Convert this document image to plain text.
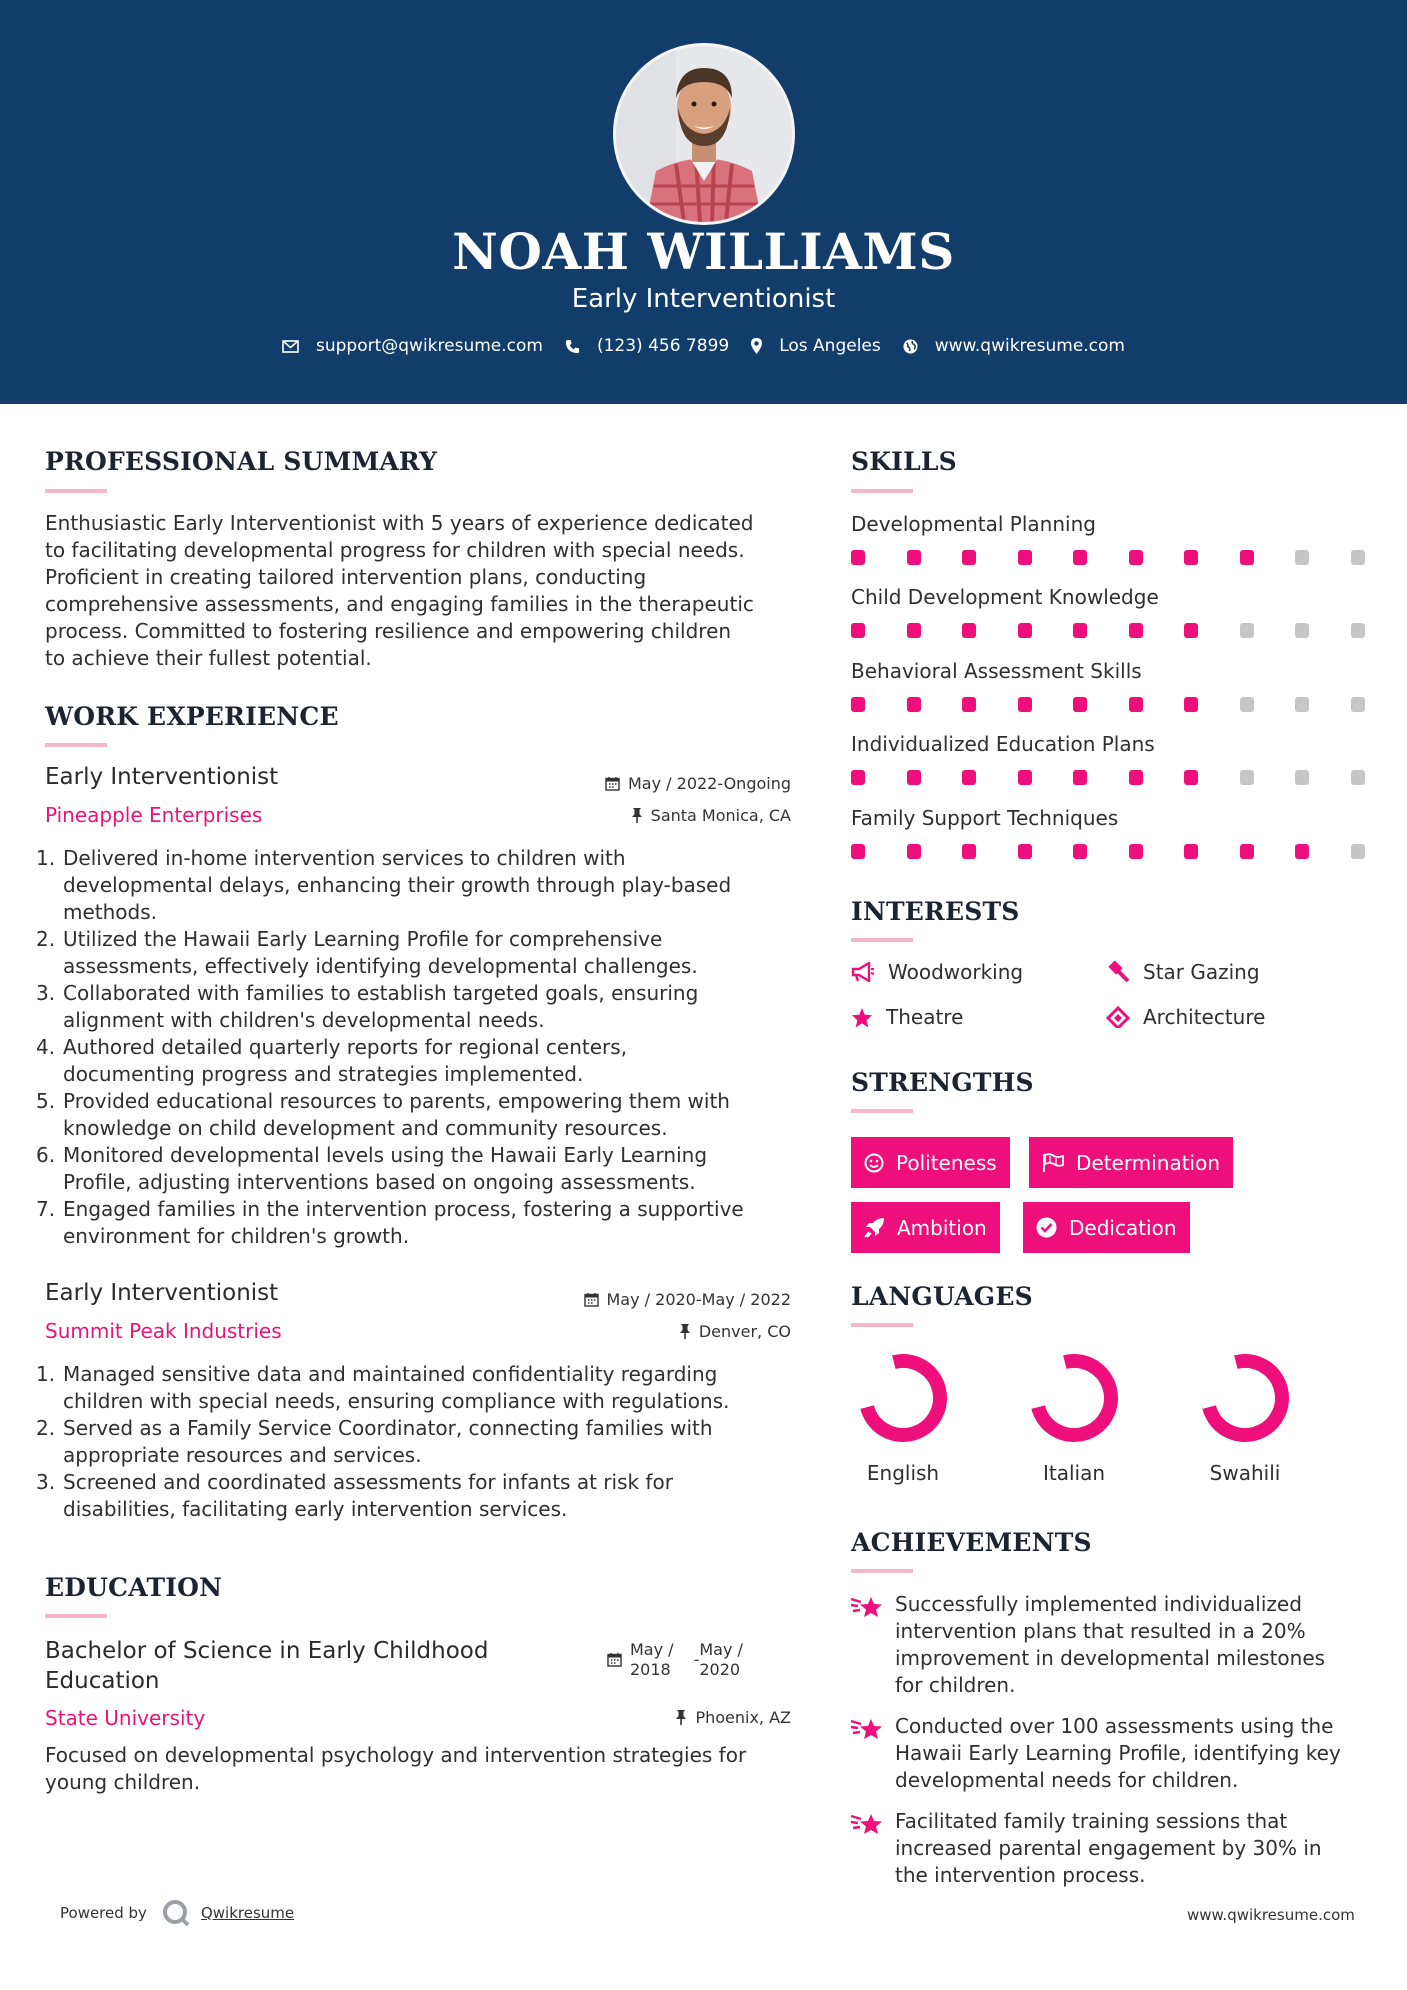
NOAH WILLIAMS
Early Interventionist
support@qwikresume.com	(123) 456 7899	Los Angeles	www.qwikresume.com
PROFESSIONAL SUMMARY
Enthusiastic Early Interventionist with 5 years of experience dedicated
to facilitating developmental progress for children with special needs.
Proficient in creating tailored intervention plans, conducting
comprehensive assessments, and engaging families in the therapeutic
process. Committed to fostering resilience and empowering children
to achieve their fullest potential.
WORK EXPERIENCE
Early Interventionist
Pineapple Enterprises
May / 2022-Ongoing
Santa Monica, CA
1. Delivered in-home intervention services to children with
developmental delays, enhancing their growth through play-based
methods.
2. Utilized the Hawaii Early Learning Profile for comprehensive
assessments, effectively identifying developmental challenges.
3. Collaborated with families to establish targeted goals, ensuring
alignment with children's developmental needs.
4. Authored detailed quarterly reports for regional centers,
documenting progress and strategies implemented.
5. Provided educational resources to parents, empowering them with
knowledge on child development and community resources.
6. Monitored developmental levels using the Hawaii Early Learning
Profile, adjusting interventions based on ongoing assessments.
7. Engaged families in the intervention process, fostering a supportive
environment for children's growth.
Early Interventionist
Summit Peak Industries
May / 2020-May / 2022
Denver, CO
1. Managed sensitive data and maintained confidentiality regarding
children with special needs, ensuring compliance with regulations.
2. Served as a Family Service Coordinator, connecting families with
appropriate resources and services.
3. Screened and coordinated assessments for infants at risk for
disabilities, facilitating early intervention services.
EDUCATION
Bachelor of Science in Early Childhood
Education
May /
2018
-
May /
2020
State University	Phoenix, AZ
Focused on developmental psychology and intervention strategies for
young children.
SKILLS
Developmental Planning
Child Development Knowledge
Behavioral Assessment Skills
Individualized Education Plans
Family Support Techniques
INTERESTS
Woodworking	Star Gazing
Theatre	Architecture
STRENGTHS
Politeness	Determination
Ambition	Dedication
LANGUAGES
English	Italian	Swahili
ACHIEVEMENTS
Successfully implemented individualized
intervention plans that resulted in a 20%
improvement in developmental milestones
for children.
Conducted over 100 assessments using the
Hawaii Early Learning Profile, identifying key
developmental needs for children.
Facilitated family training sessions that
increased parental engagement by 30% in
the intervention process.
Powered by	Qwikresume	www.qwikresume.com
